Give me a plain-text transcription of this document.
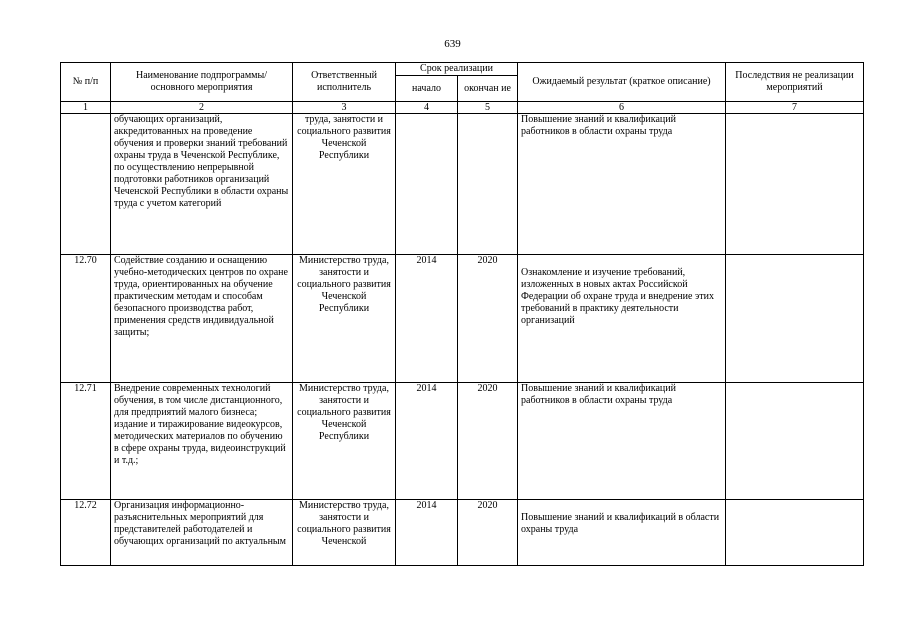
639
№ п/п	Наименование подпрограммы/ основного мероприятия	Ответственный исполнитель	Срок реализации		Ожидаемый результат (краткое описание)	Последствия не реализации мероприятий
			начало	окончан ие		
1	2	3	4	5	6	7
	обучающих организаций, аккредитованных на проведение обучения и проверки знаний требований охраны труда в Чеченской Республике, по осуществлению непрерывной подготовки работников организаций Чеченской Республики в области охраны труда с учетом категорий	труда, занятости и социального развития Чеченской Республики			Повышение знаний и квалификаций работников в области охраны труда	
12.70	Содействие созданию и оснащению учебно-методических центров по охране труда, ориентированных на обучение практическим методам и способам безопасного производства работ, применения средств индивидуальной защиты;	Министерство труда, занятости и социального развития Чеченской Республики	2014	2020	Ознакомление и изучение требований, изложенных в новых актах Российской Федерации об охране труда и внедрение этих требований в практику деятельности организаций	
12.71	Внедрение современных технологий обучения, в том числе дистанционного, для предприятий малого бизнеса; издание и тиражирование видеокурсов, методических материалов по обучению в сфере охраны труда, видеоинструкций и т.д.;	Министерство труда, занятости и социального развития Чеченской Республики	2014	2020	Повышение знаний и квалификаций работников в области охраны труда	
12.72	Организация информационно-разъяснительных мероприятий для представителей работодателей и обучающих организаций по актуальным	Министерство труда, занятости и социального развития Чеченской	2014	2020	Повышение знаний и квалификаций в области охраны труда	
